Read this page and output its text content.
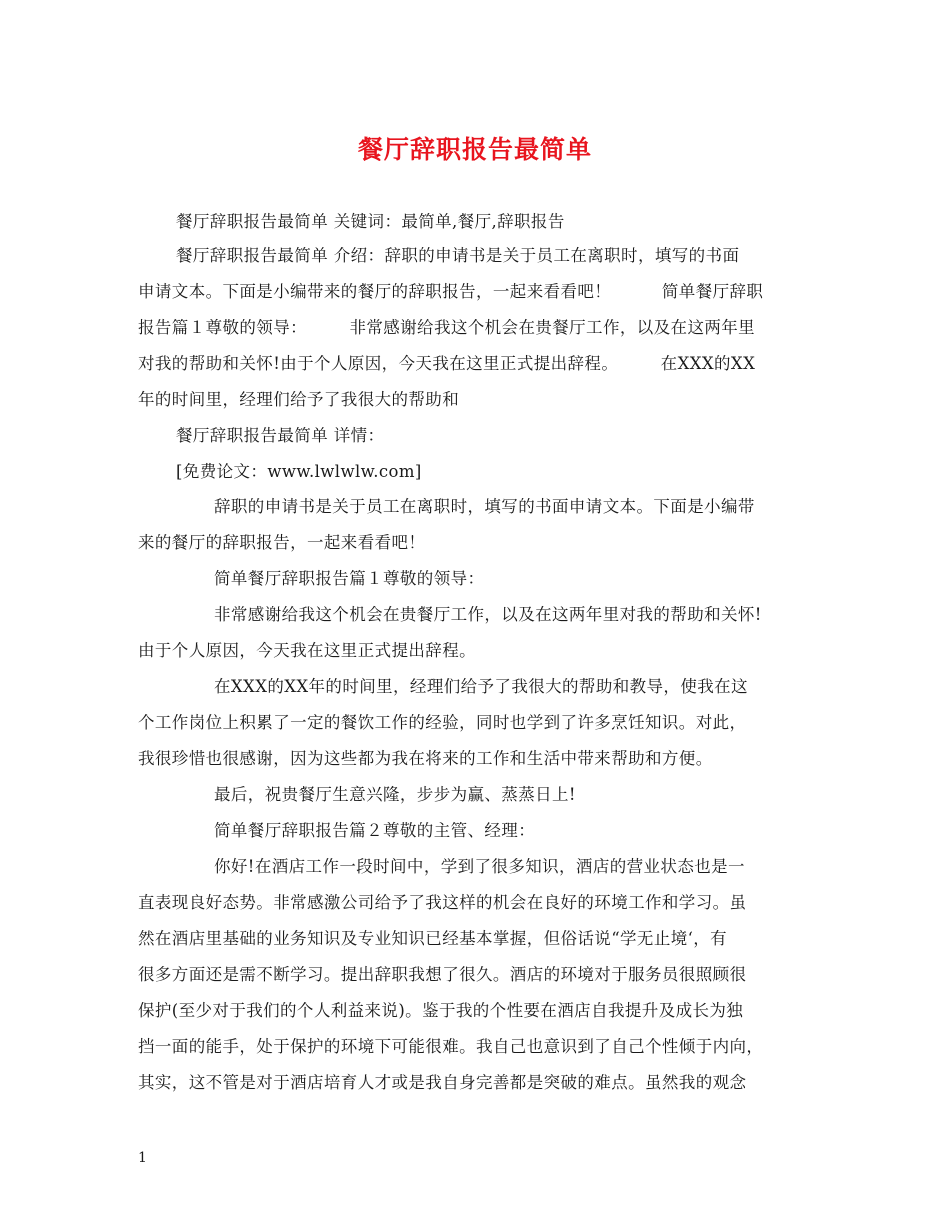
餐厅辞职报告最简单
餐厅辞职报告最简单 关键词：最简单,餐厅,辞职报告
餐厅辞职报告最简单 介绍：辞职的申请书是关于员工在离职时，填写的书面
申请文本。下面是小编带来的餐厅的辞职报告，一起来看看吧！　　　简单餐厅辞职
报告篇１尊敬的领导：　　　非常感谢给我这个机会在贵餐厅工作，以及在这两年里
对我的帮助和关怀!由于个人原因，今天我在这里正式提出辞程。　　　在XXX的XX
年的时间里，经理们给予了我很大的帮助和
餐厅辞职报告最简单 详情：
[免费论文：www.lwlwlw.com]
辞职的申请书是关于员工在离职时，填写的书面申请文本。下面是小编带
来的餐厅的辞职报告，一起来看看吧！
简单餐厅辞职报告篇１尊敬的领导：
非常感谢给我这个机会在贵餐厅工作，以及在这两年里对我的帮助和关怀!
由于个人原因，今天我在这里正式提出辞程。
在XXX的XX年的时间里，经理们给予了我很大的帮助和教导，使我在这
个工作岗位上积累了一定的餐饮工作的经验，同时也学到了许多烹饪知识。对此，
我很珍惜也很感谢，因为这些都为我在将来的工作和生活中带来帮助和方便。
最后，祝贵餐厅生意兴隆，步步为赢、蒸蒸日上!
简单餐厅辞职报告篇２尊敬的主管、经理：
你好!在酒店工作一段时间中，学到了很多知识，酒店的营业状态也是一
直表现良好态势。非常感激公司给予了我这样的机会在良好的环境工作和学习。虽
然在酒店里基础的业务知识及专业知识已经基本掌握，但俗话说“学无止境‘，有
很多方面还是需不断学习。提出辞职我想了很久。酒店的环境对于服务员很照顾很
保护(至少对于我们的个人利益来说)。鉴于我的个性要在酒店自我提升及成长为独
挡一面的能手，处于保护的环境下可能很难。我自己也意识到了自己个性倾于内向，
其实，这不管是对于酒店培育人才或是我自身完善都是突破的难点。虽然我的观念
1
